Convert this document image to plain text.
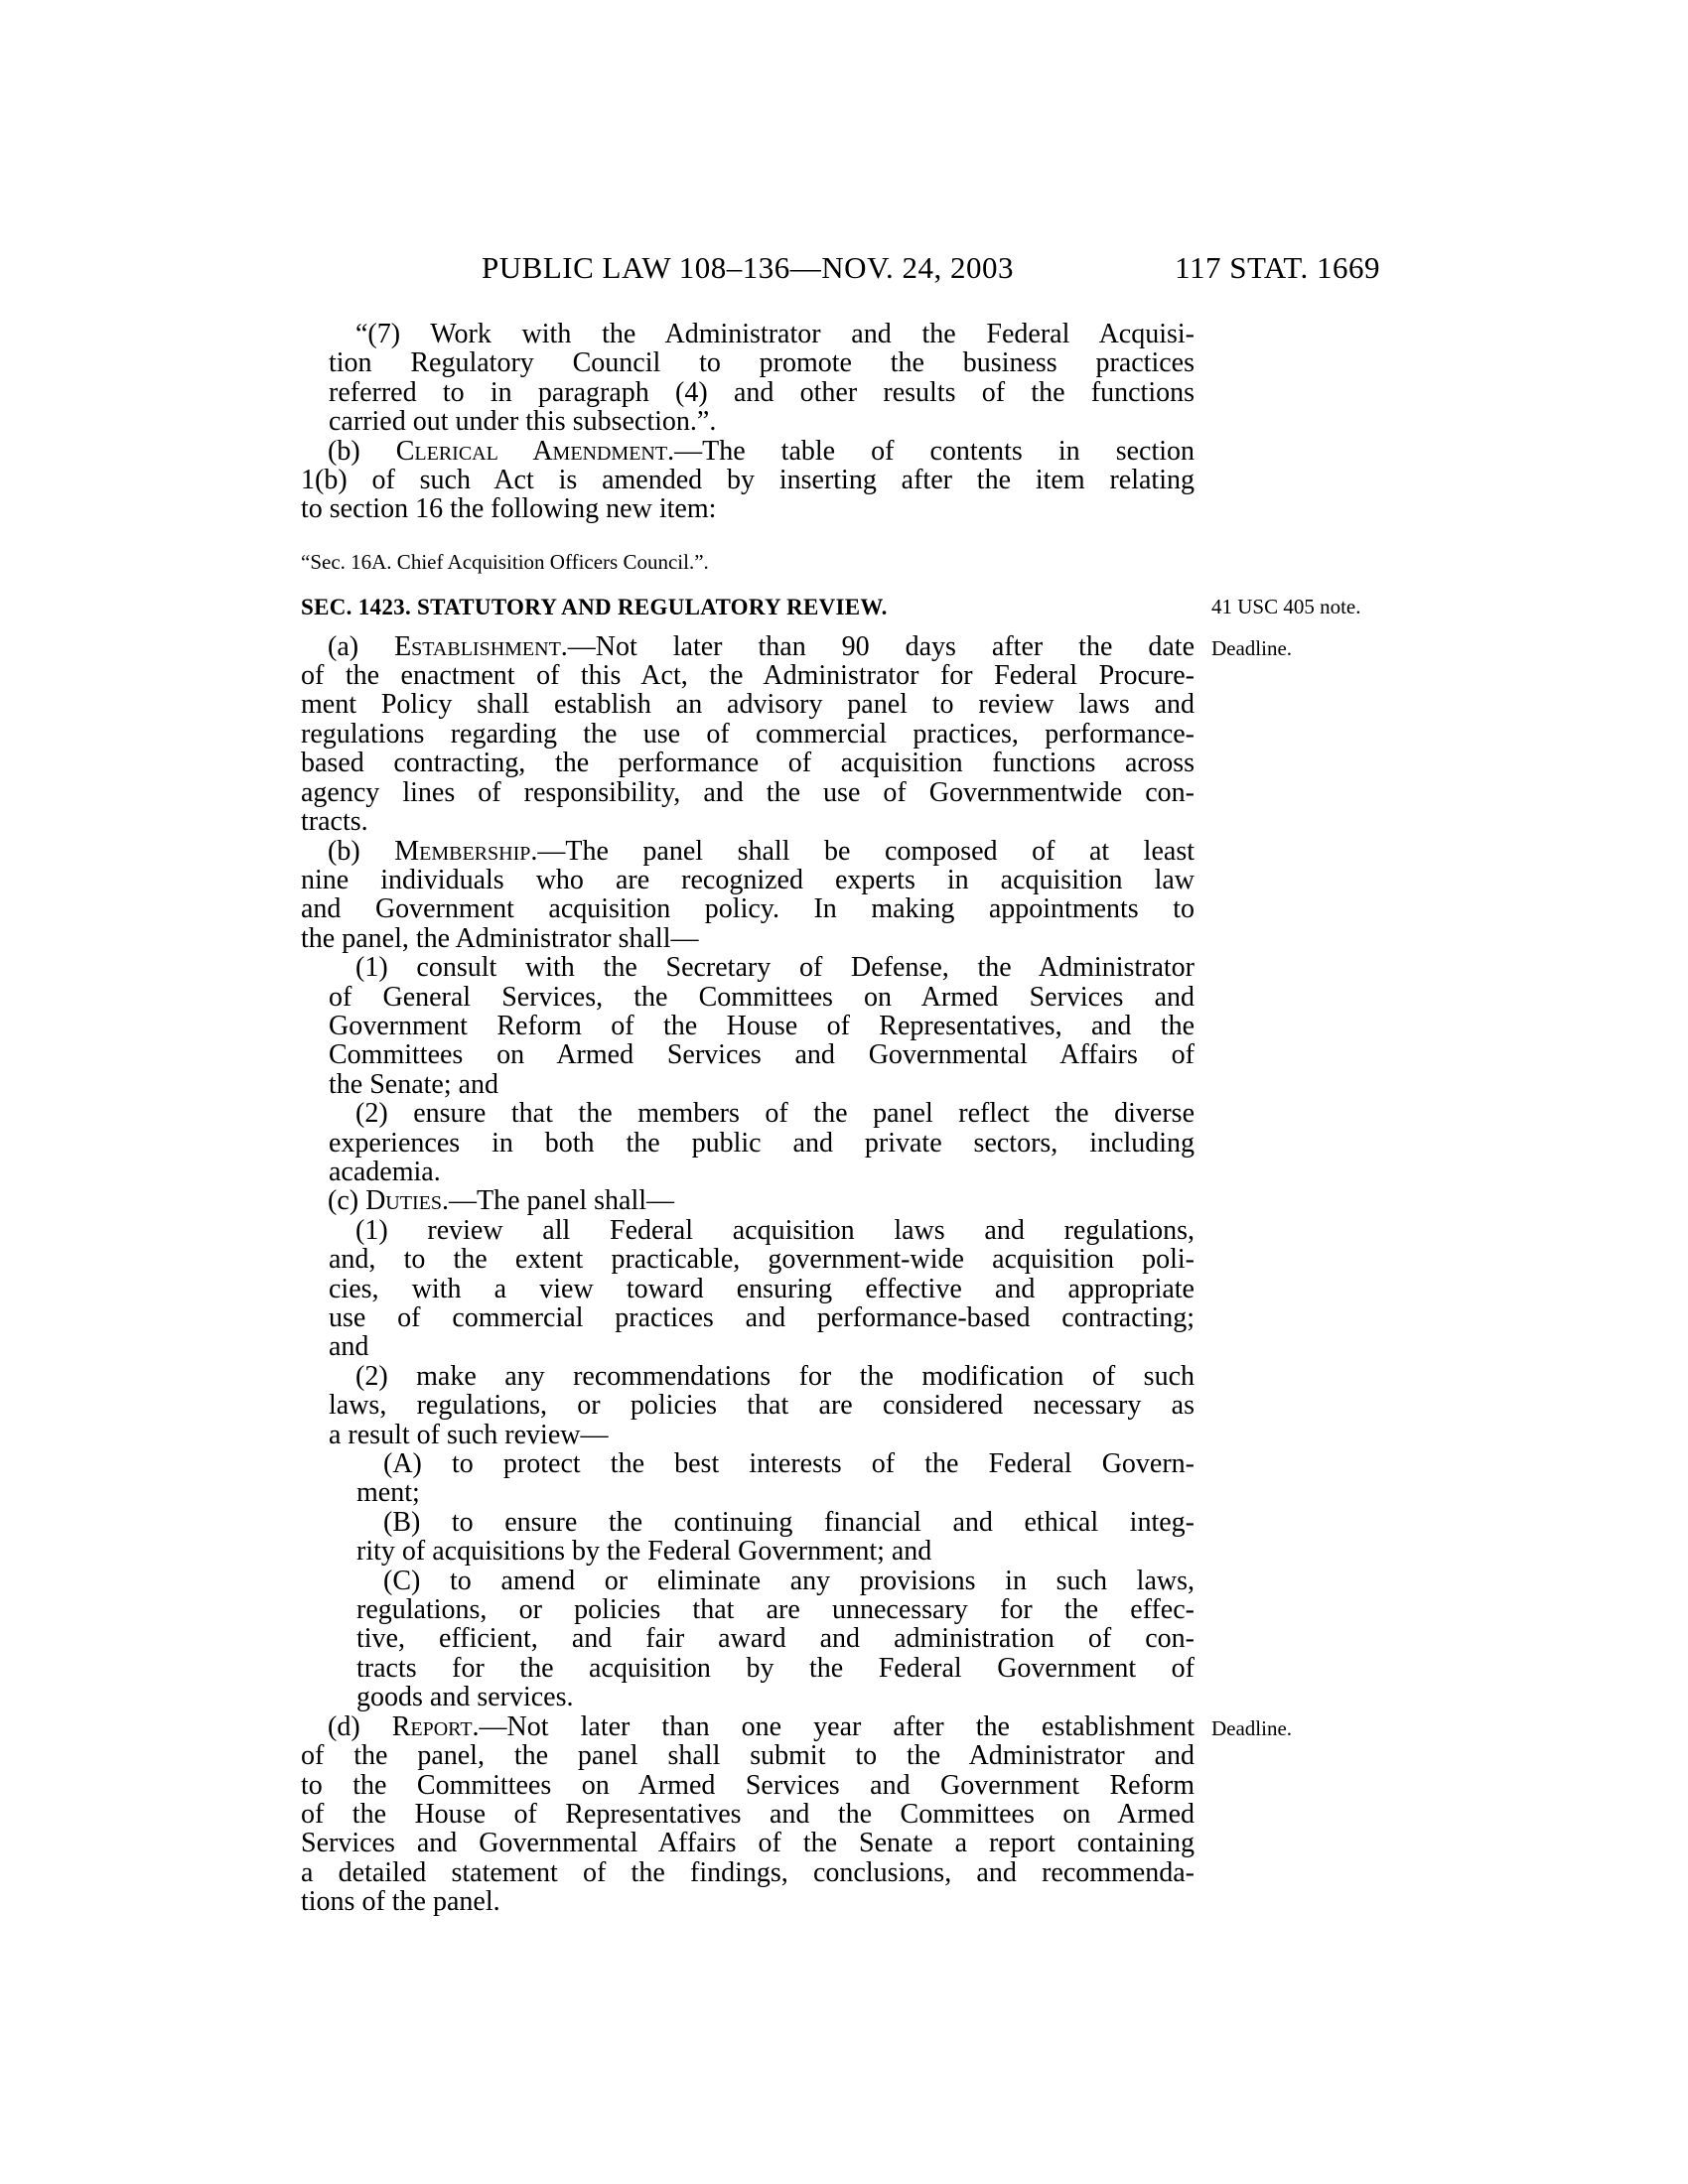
PUBLIC LAW 108–136—NOV. 24, 2003	117 STAT. 1669
“(7) Work with the Administrator and the Federal Acquisi-
tion Regulatory Council to promote the business practices
referred to in paragraph (4) and other results of the functions
carried out under this subsection.”.
(b) Clerical Amendment.—The table of contents in section
1(b) of such Act is amended by inserting after the item relating
to section 16 the following new item:
“Sec. 16A. Chief Acquisition Officers Council.”.
SEC. 1423. STATUTORY AND REGULATORY REVIEW.	41 USC 405 note.
(a) Establishment.—Not later than 90 days after the date
of the enactment of this Act, the Administrator for Federal Procure-
ment Policy shall establish an advisory panel to review laws and
regulations regarding the use of commercial practices, performance-
based contracting, the performance of acquisition functions across
agency lines of responsibility, and the use of Governmentwide con-
tracts.
Deadline.
(b) Membership.—The panel shall be composed of at least
nine individuals who are recognized experts in acquisition law
and Government acquisition policy. In making appointments to
the panel, the Administrator shall—
(1) consult with the Secretary of Defense, the Administrator
of General Services, the Committees on Armed Services and
Government Reform of the House of Representatives, and the
Committees on Armed Services and Governmental Affairs of
the Senate; and
(2) ensure that the members of the panel reflect the diverse
experiences in both the public and private sectors, including
academia.
(c) Duties.—The panel shall—
(1) review all Federal acquisition laws and regulations,
and, to the extent practicable, government-wide acquisition poli-
cies, with a view toward ensuring effective and appropriate
use of commercial practices and performance-based contracting;
and
(2) make any recommendations for the modification of such
laws, regulations, or policies that are considered necessary as
a result of such review—
(A) to protect the best interests of the Federal Govern-
ment;
(B) to ensure the continuing financial and ethical integ-
rity of acquisitions by the Federal Government; and
(C) to amend or eliminate any provisions in such laws,
regulations, or policies that are unnecessary for the effec-
tive, efficient, and fair award and administration of con-
tracts for the acquisition by the Federal Government of
goods and services.
(d) Report.—Not later than one year after the establishment
of the panel, the panel shall submit to the Administrator and
to the Committees on Armed Services and Government Reform
of the House of Representatives and the Committees on Armed
Services and Governmental Affairs of the Senate a report containing
a detailed statement of the findings, conclusions, and recommenda-
tions of the panel.
Deadline.
